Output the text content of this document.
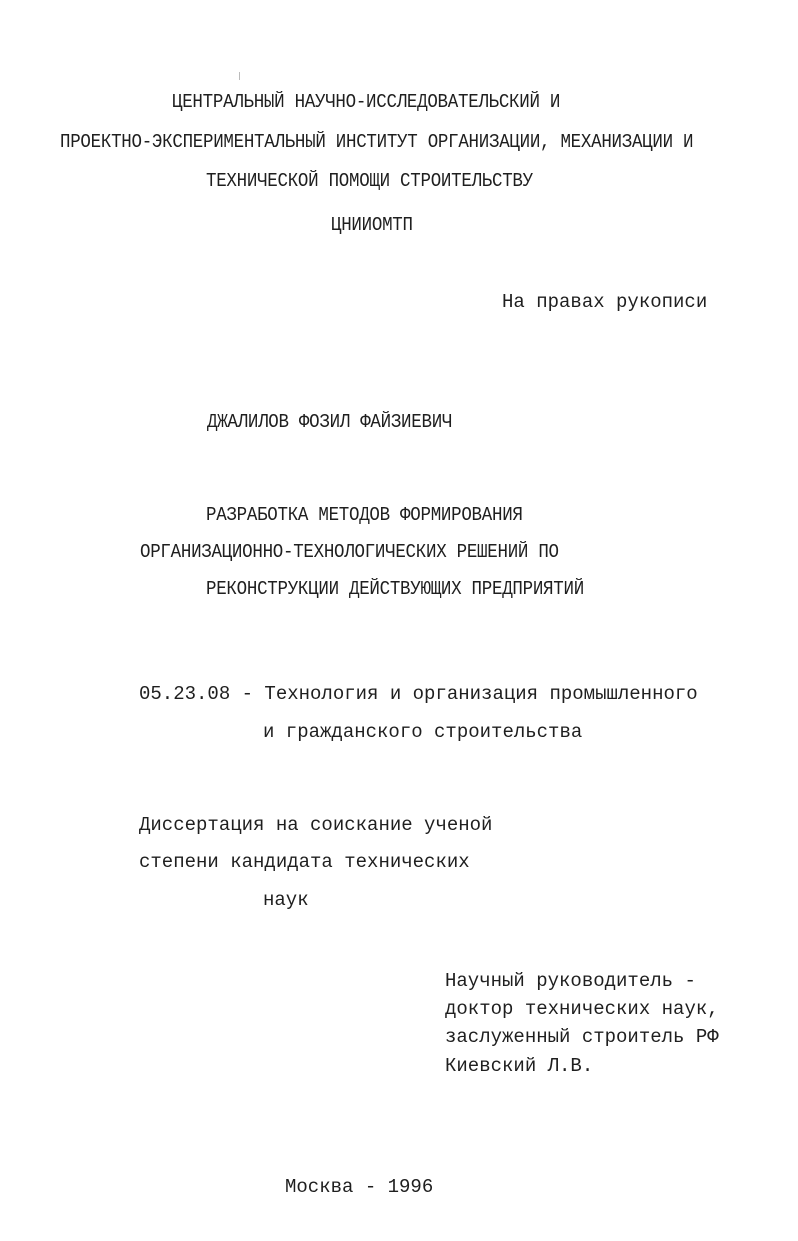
ЦЕНТРАЛЬНЫЙ НАУЧНО-ИССЛЕДОВАТЕЛЬСКИЙ И
ПРОЕКТНО-ЭКСПЕРИМЕНТАЛЬНЫЙ ИНСТИТУТ ОРГАНИЗАЦИИ, МЕХАНИЗАЦИИ И
ТЕХНИЧЕСКОЙ ПОМОЩИ СТРОИТЕЛЬСТВУ
ЦНИИОМТП
На правах рукописи
ДЖАЛИЛОВ ФОЗИЛ ФАЙЗИЕВИЧ
РАЗРАБОТКА МЕТОДОВ ФОРМИРОВАНИЯ
ОРГАНИЗАЦИОННО-ТЕХНОЛОГИЧЕСКИХ РЕШЕНИЙ ПО
РЕКОНСТРУКЦИИ ДЕЙСТВУЮЩИХ ПРЕДПРИЯТИЙ
05.23.08 - Технология и организация промышленного
и гражданского строительства
Диссертация на соискание ученой
степени кандидата технических
наук
Научный руководитель -
доктор технических наук,
заслуженный строитель РФ
Киевский Л.В.
Москва - 1996
